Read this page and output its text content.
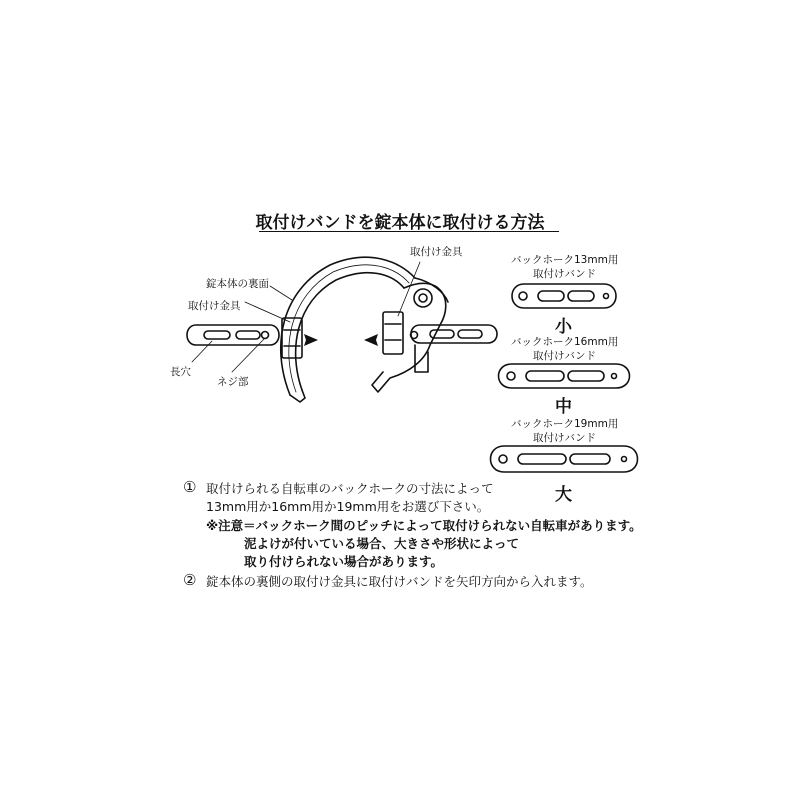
取付けバンドを錠本体に取付ける方法
錠本体の裏面
取付け金具
取付け金具
長穴
ネジ部
バックホーク13mm用
取付けバンド
小
バックホーク16mm用
取付けバンド
中
バックホーク19mm用
取付けバンド
大
① 取付けられる自転車のバックホークの寸法によって
13mm用か16mm用か19mm用をお選び下さい。
※注意＝バックホーク間のピッチによって取付けられない自転車があります。
泥よけが付いている場合、大きさや形状によって
取り付けられない場合があります。
② 錠本体の裏側の取付け金具に取付けバンドを矢印方向から入れます。
